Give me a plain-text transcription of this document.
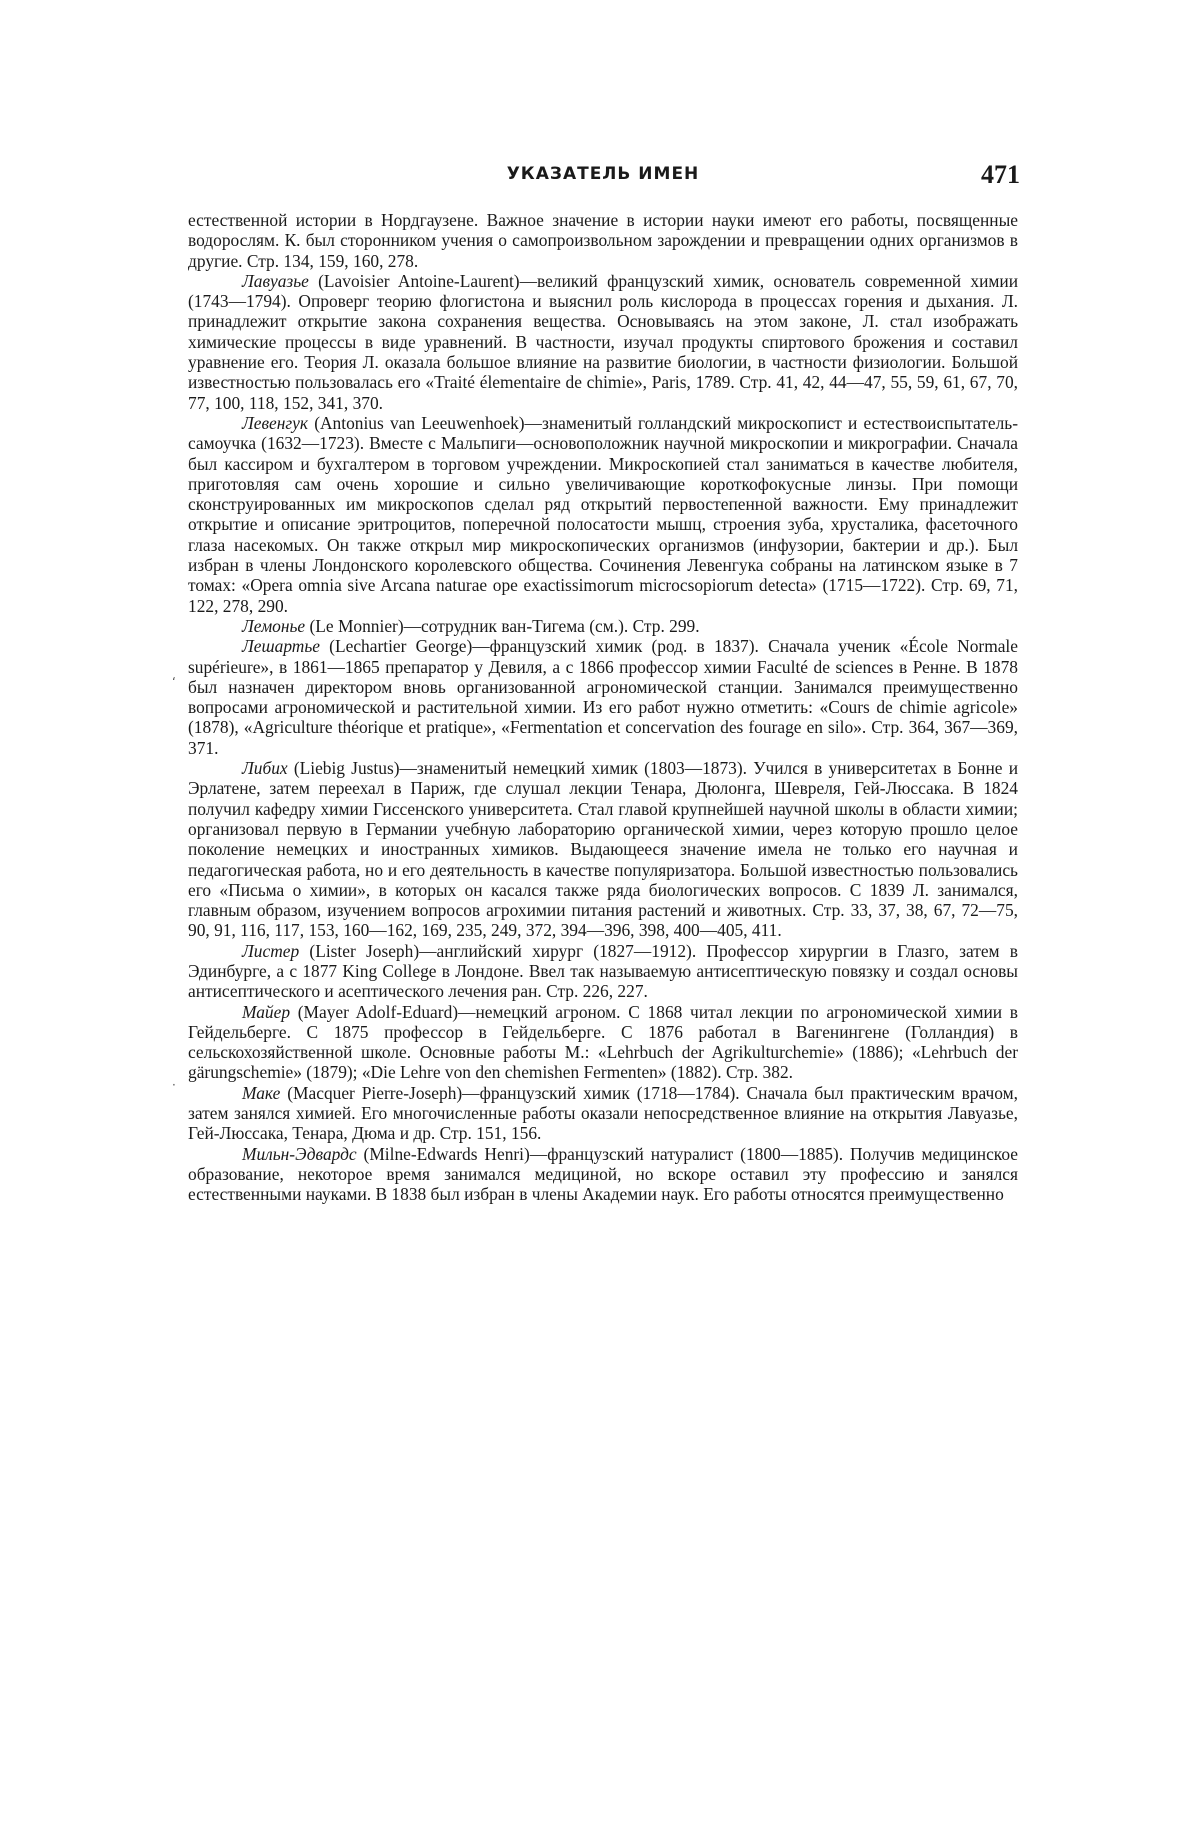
УКАЗАТЕЛЬ ИМЕН	471
‘
·

естественной истории в Нордгаузене. Важное значение в истории науки имеют его работы, посвященные водорослям. К. был сторонником учения о самопроизвольном зарождении и превращении одних организмов в другие. Стр. 134, 159, 160, 278.

Лавуазье (Lavoisier Antoine-Laurent)—великий французский химик, основатель современной химии (1743—1794). Опроверг теорию флогистона и выяснил роль кислорода в процессах горения и дыхания. Л. принадлежит открытие закона сохранения вещества. Основываясь на этом законе, Л. стал изображать химические процессы в виде уравнений. В частности, изучал продукты спиртового брожения и составил уравнение его. Теория Л. оказала большое влияние на развитие биологии, в частности физиологии. Большой известностью пользовалась его «Traité élementaire de chimie», Paris, 1789. Стр. 41, 42, 44—47, 55, 59, 61, 67, 70, 77, 100, 118, 152, 341, 370.

Левенгук (Antonius van Leeuwenhoek)—знаменитый голландский микроскопист и естествоиспытатель-самоучка (1632—1723). Вместе с Мальпиги—основоположник научной микроскопии и микрографии. Сначала был кассиром и бухгалтером в торговом учреждении. Микроскопией стал заниматься в качестве любителя, приготовляя сам очень хорошие и сильно увеличивающие короткофокусные линзы. При помощи сконструированных им микроскопов сделал ряд открытий первостепенной важности. Ему принадлежит открытие и описание эритроцитов, поперечной полосатости мышц, строения зуба, хрусталика, фасеточного глаза насекомых. Он также открыл мир микроскопических организмов (инфузории, бактерии и др.). Был избран в члены Лондонского королевского общества. Сочинения Левенгука собраны на латинском языке в 7 томах: «Opera omnia sive Arcana naturae ope exactissimorum microcsopiorum detecta» (1715—1722). Стр. 69, 71, 122, 278, 290.

Лемонье (Le Monnier)—сотрудник ван-Тигема (см.). Стр. 299.

Лешартье (Lechartier George)—французский химик (род. в 1837). Сначала ученик «École Normale supérieure», в 1861—1865 препаратор у Девиля, а с 1866 профессор химии Faculté de sciences в Ренне. В 1878 был назначен директором вновь организованной агрономической станции. Занимался преимущественно вопросами агрономической и растительной химии. Из его работ нужно отметить: «Cours de chimie agricole» (1878), «Agriculture théorique et pratique», «Fermentation et concervation des fourage en silo». Стр. 364, 367—369, 371.

Либих (Liebig Justus)—знаменитый немецкий химик (1803—1873). Учился в университетах в Бонне и Эрлатене, затем переехал в Париж, где слушал лекции Тенара, Дюлонга, Шевреля, Гей-Люссака. В 1824 получил кафедру химии Гиссенского университета. Стал главой крупнейшей научной школы в области химии; организовал первую в Германии учебную лабораторию органической химии, через которую прошло целое поколение немецких и иностранных химиков. Выдающееся значение имела не только его научная и педагогическая работа, но и его деятельность в качестве популяризатора. Большой известностью пользовались его «Письма о химии», в которых он касался также ряда биологических вопросов. С 1839 Л. занимался, главным образом, изучением вопросов агрохимии питания растений и животных. Стр. 33, 37, 38, 67, 72—75, 90, 91, 116, 117, 153, 160—162, 169, 235, 249, 372, 394—396, 398, 400—405, 411.

Листер (Lister Joseph)—английский хирург (1827—1912). Профессор хирургии в Глазго, затем в Эдинбурге, а с 1877 King College в Лондоне. Ввел так называемую антисептическую повязку и создал основы антисептического и асептического лечения ран. Стр. 226, 227.

Майер (Mayer Adolf-Eduard)—немецкий агроном. С 1868 читал лекции по агрономической химии в Гейдельберге. С 1875 профессор в Гейдельберге. С 1876 работал в Вагенингене (Голландия) в сельскохозяйственной школе. Основные работы М.: «Lehrbuch der Agrikulturchemie» (1886); «Lehrbuch der gärungschemie» (1879); «Die Lehre von den chemishen Fermenten» (1882). Стр. 382.

Маке (Macquer Pierre-Joseph)—французский химик (1718—1784). Сначала был практическим врачом, затем занялся химией. Его многочисленные работы оказали непосредственное влияние на открытия Лавуазье, Гей-Люссака, Тенара, Дюма и др. Стр. 151, 156.

Мильн-Эдвардс (Milne-Edwards Henri)—французский натуралист (1800—1885). Получив медицинское образование, некоторое время занимался медициной, но вскоре оставил эту профессию и занялся естественными науками. В 1838 был избран в члены Академии наук. Его работы относятся преимущественно
